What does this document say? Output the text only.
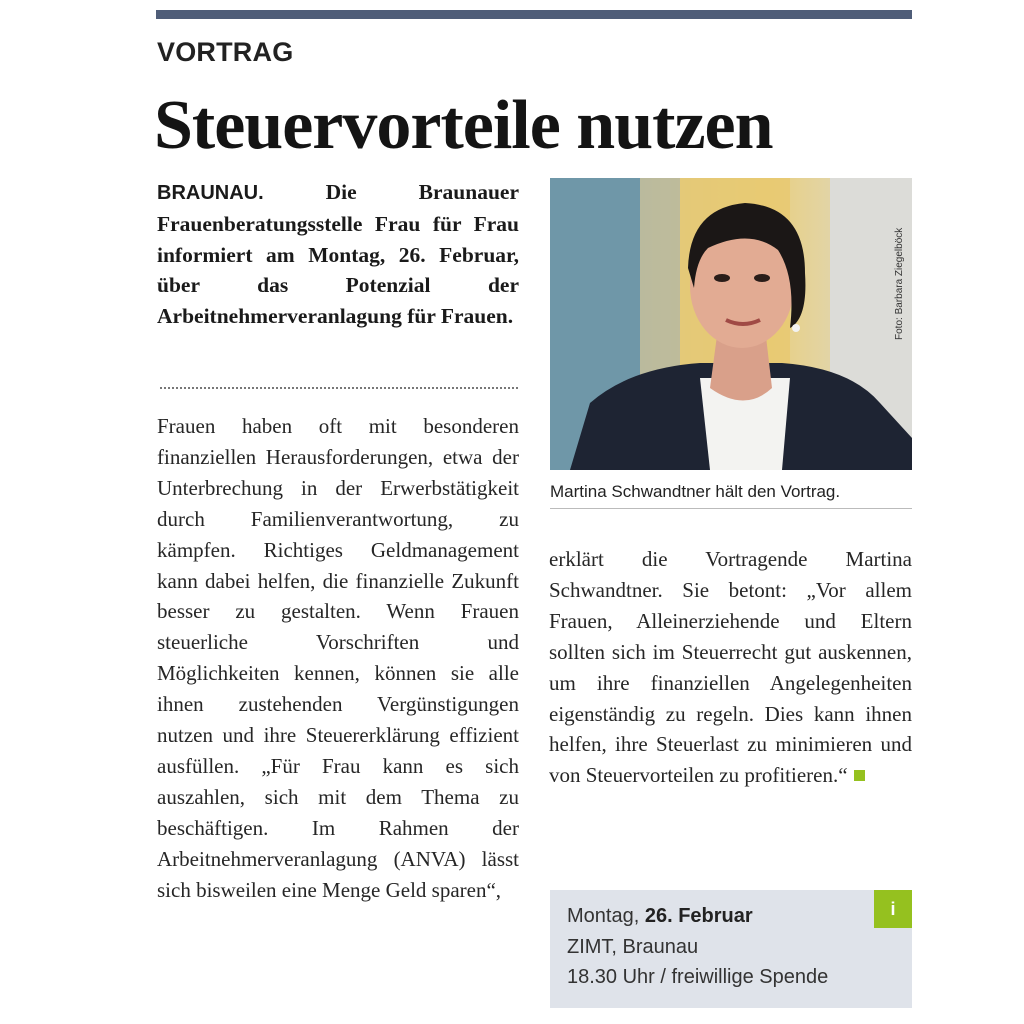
VORTRAG
Steuervorteile nutzen
BRAUNAU. Die Braunauer Frauenberatungsstelle Frau für Frau informiert am Montag, 26. Februar, über das Potenzial der Arbeitnehmerveranlagung für Frauen.
Frauen haben oft mit besonderen finanziellen Herausforderungen, etwa der Unterbrechung in der Erwerbstätigkeit durch Familienverantwortung, zu kämpfen. Richtiges Geldmanagement kann dabei helfen, die finanzielle Zukunft besser zu gestalten. Wenn Frauen steuerliche Vorschriften und Möglichkeiten kennen, können sie alle ihnen zustehenden Vergünstigungen nutzen und ihre Steuererklärung effizient ausfüllen. „Für Frau kann es sich auszahlen, sich mit dem Thema zu beschäftigen. Im Rahmen der Arbeitnehmerveranlagung (ANVA) lässt sich bisweilen eine Menge Geld sparen“,
Foto: Barbara Ziegelböck
Martina Schwandtner hält den Vortrag.
erklärt die Vortragende Martina Schwandtner. Sie betont: „Vor allem Frauen, Alleinerziehende und Eltern sollten sich im Steuerrecht gut auskennen, um ihre finanziellen Angelegenheiten eigenständig zu regeln. Dies kann ihnen helfen, ihre Steuerlast zu minimieren und von Steuervorteilen zu profitieren.“
i
Montag, 26. Februar
ZIMT, Braunau
18.30 Uhr / freiwillige Spende
